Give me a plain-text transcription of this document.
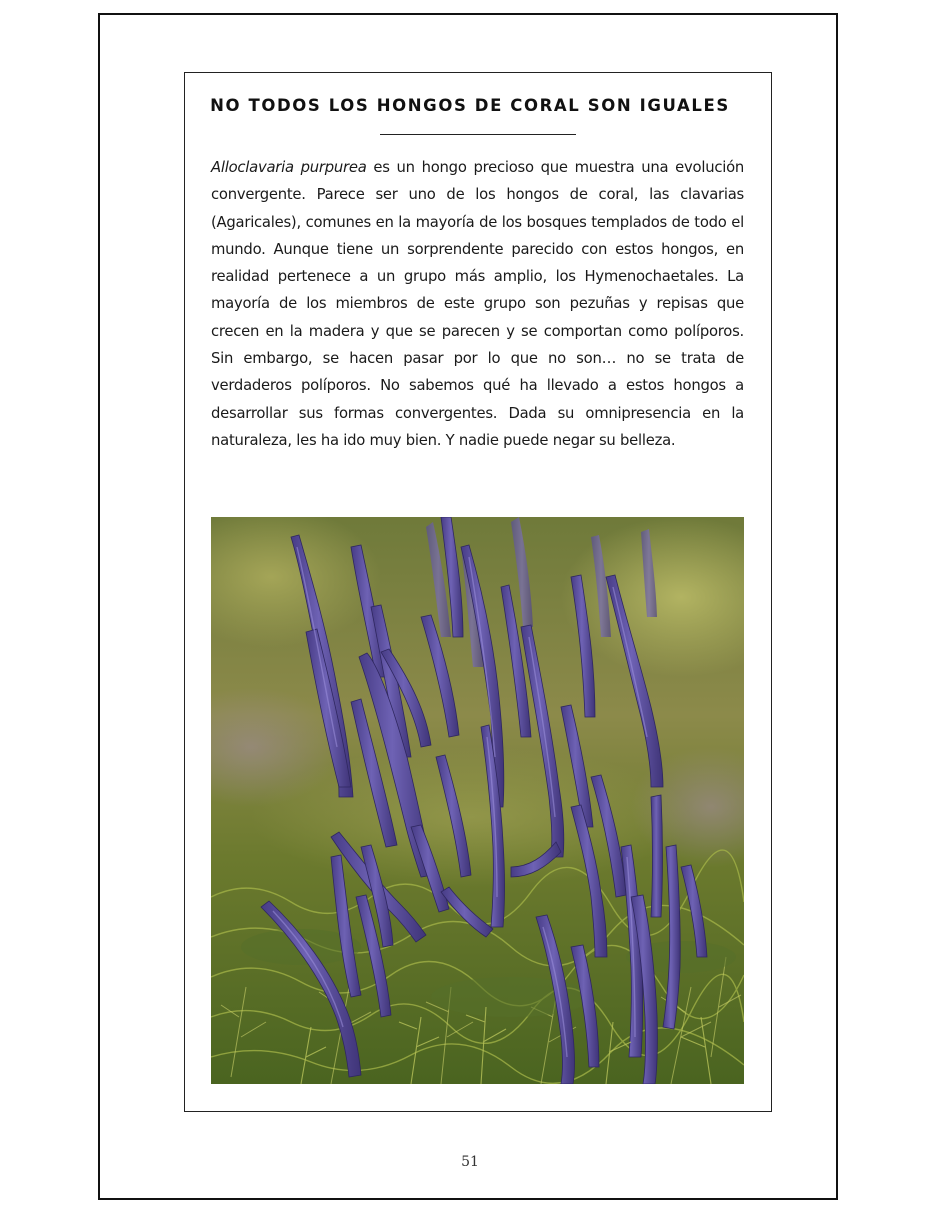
NO TODOS LOS HONGOS DE CORAL SON IGUALES

Alloclavaria purpurea es un hongo precioso que muestra una evolución convergente. Parece ser uno de los hongos de coral, las clavarias (Agaricales), comunes en la mayoría de los bosques templados de todo el mundo. Aunque tiene un sorprendente parecido con estos hongos, en realidad pertenece a un grupo más amplio, los Hymenochaetales. La mayoría de los miembros de este grupo son pezuñas y repisas que crecen en la madera y que se parecen y se comportan como políporos. Sin embargo, se hacen pasar por lo que no son… no se trata de verdaderos políporos. No sabemos qué ha llevado a estos hongos a desarrollar sus formas convergentes. Dada su omnipresencia en la naturaleza, les ha ido muy bien. Y nadie puede negar su belleza.

51
